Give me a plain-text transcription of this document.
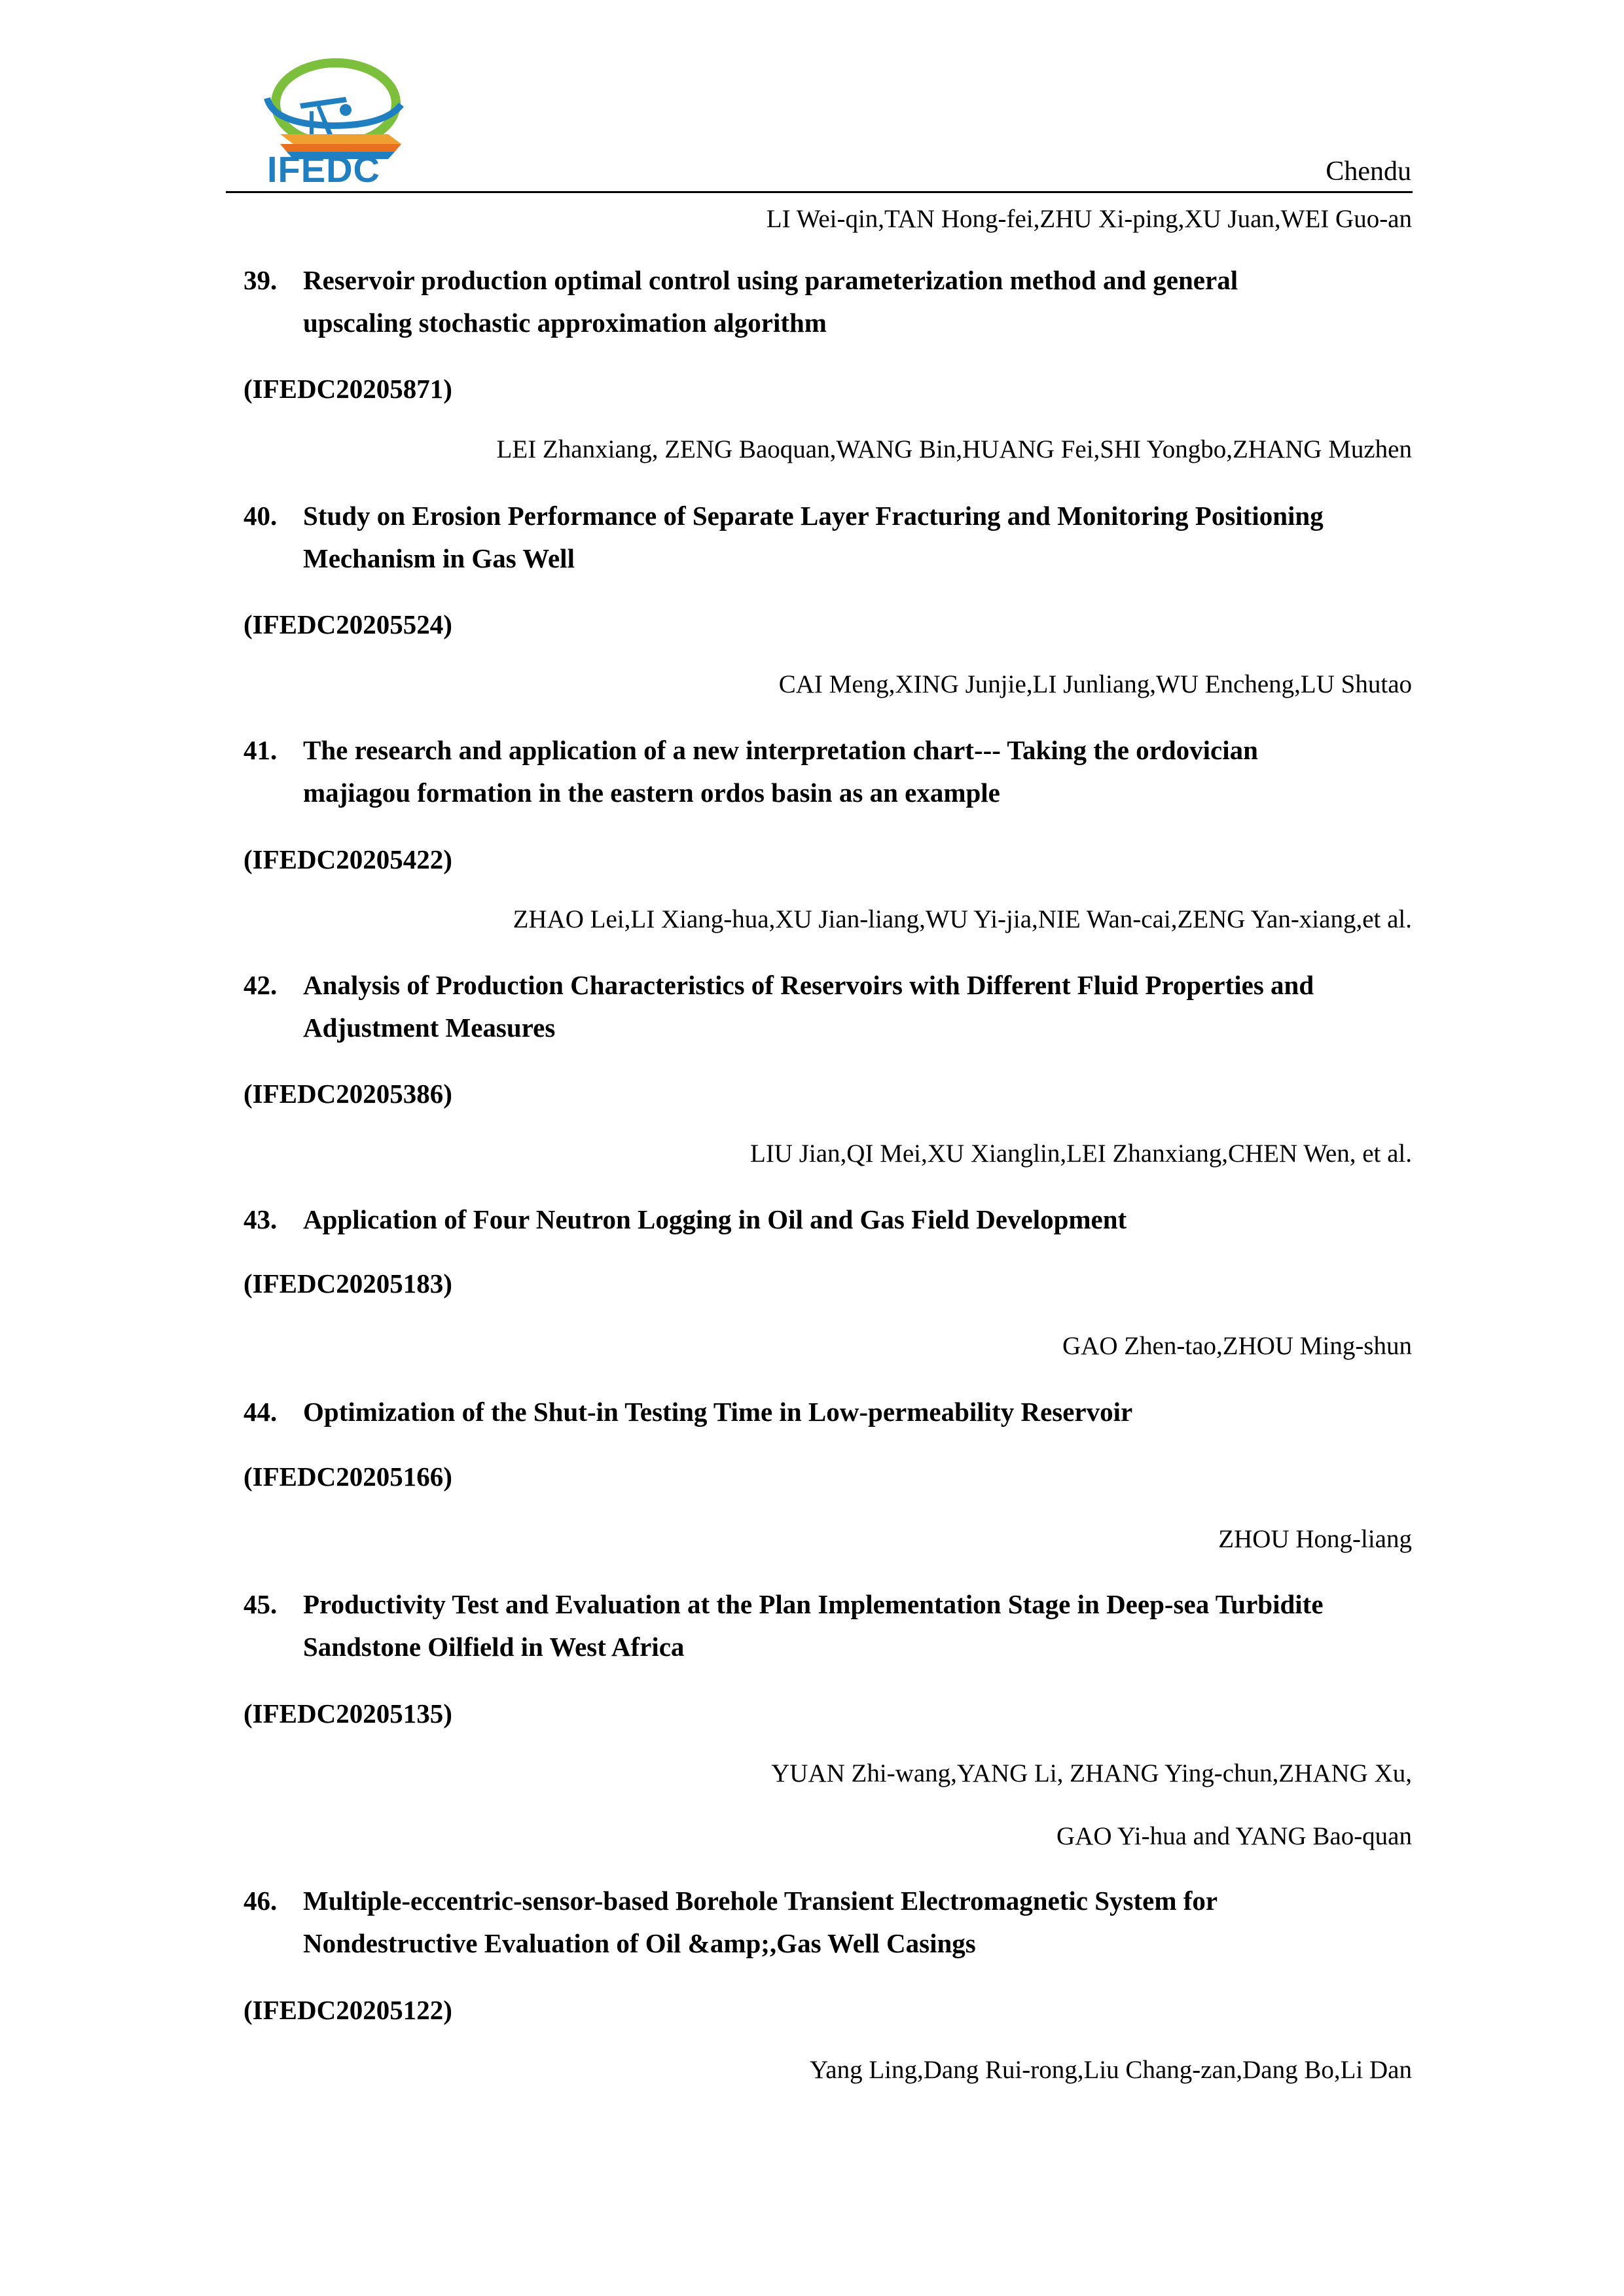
IFEDC	Chendu
LI Wei-qin,TAN Hong-fei,ZHU Xi-ping,XU Juan,WEI Guo-an
39. Reservoir production optimal control using parameterization method and general
upscaling stochastic approximation algorithm
(IFEDC20205871)
LEI Zhanxiang, ZENG Baoquan,WANG Bin,HUANG Fei,SHI Yongbo,ZHANG Muzhen
40. Study on Erosion Performance of Separate Layer Fracturing and Monitoring Positioning
Mechanism in Gas Well
(IFEDC20205524)
CAI Meng,XING Junjie,LI Junliang,WU Encheng,LU Shutao
41. The research and application of a new interpretation chart--- Taking the ordovician
majiagou formation in the eastern ordos basin as an example
(IFEDC20205422)
ZHAO Lei,LI Xiang-hua,XU Jian-liang,WU Yi-jia,NIE Wan-cai,ZENG Yan-xiang,et al.
42. Analysis of Production Characteristics of Reservoirs with Different Fluid Properties and
Adjustment Measures
(IFEDC20205386)
LIU Jian,QI Mei,XU Xianglin,LEI Zhanxiang,CHEN Wen, et al.
43. Application of Four Neutron Logging in Oil and Gas Field Development
(IFEDC20205183)
GAO Zhen-tao,ZHOU Ming-shun
44. Optimization of the Shut-in Testing Time in Low-permeability Reservoir
(IFEDC20205166)
ZHOU Hong-liang
45. Productivity Test and Evaluation at the Plan Implementation Stage in Deep-sea Turbidite
Sandstone Oilfield in West Africa
(IFEDC20205135)
YUAN Zhi-wang,YANG Li, ZHANG Ying-chun,ZHANG Xu,
GAO Yi-hua and YANG Bao-quan
46. Multiple-eccentric-sensor-based Borehole Transient Electromagnetic System for
Nondestructive Evaluation of Oil &amp;,Gas Well Casings
(IFEDC20205122)
Yang Ling,Dang Rui-rong,Liu Chang-zan,Dang Bo,Li Dan
